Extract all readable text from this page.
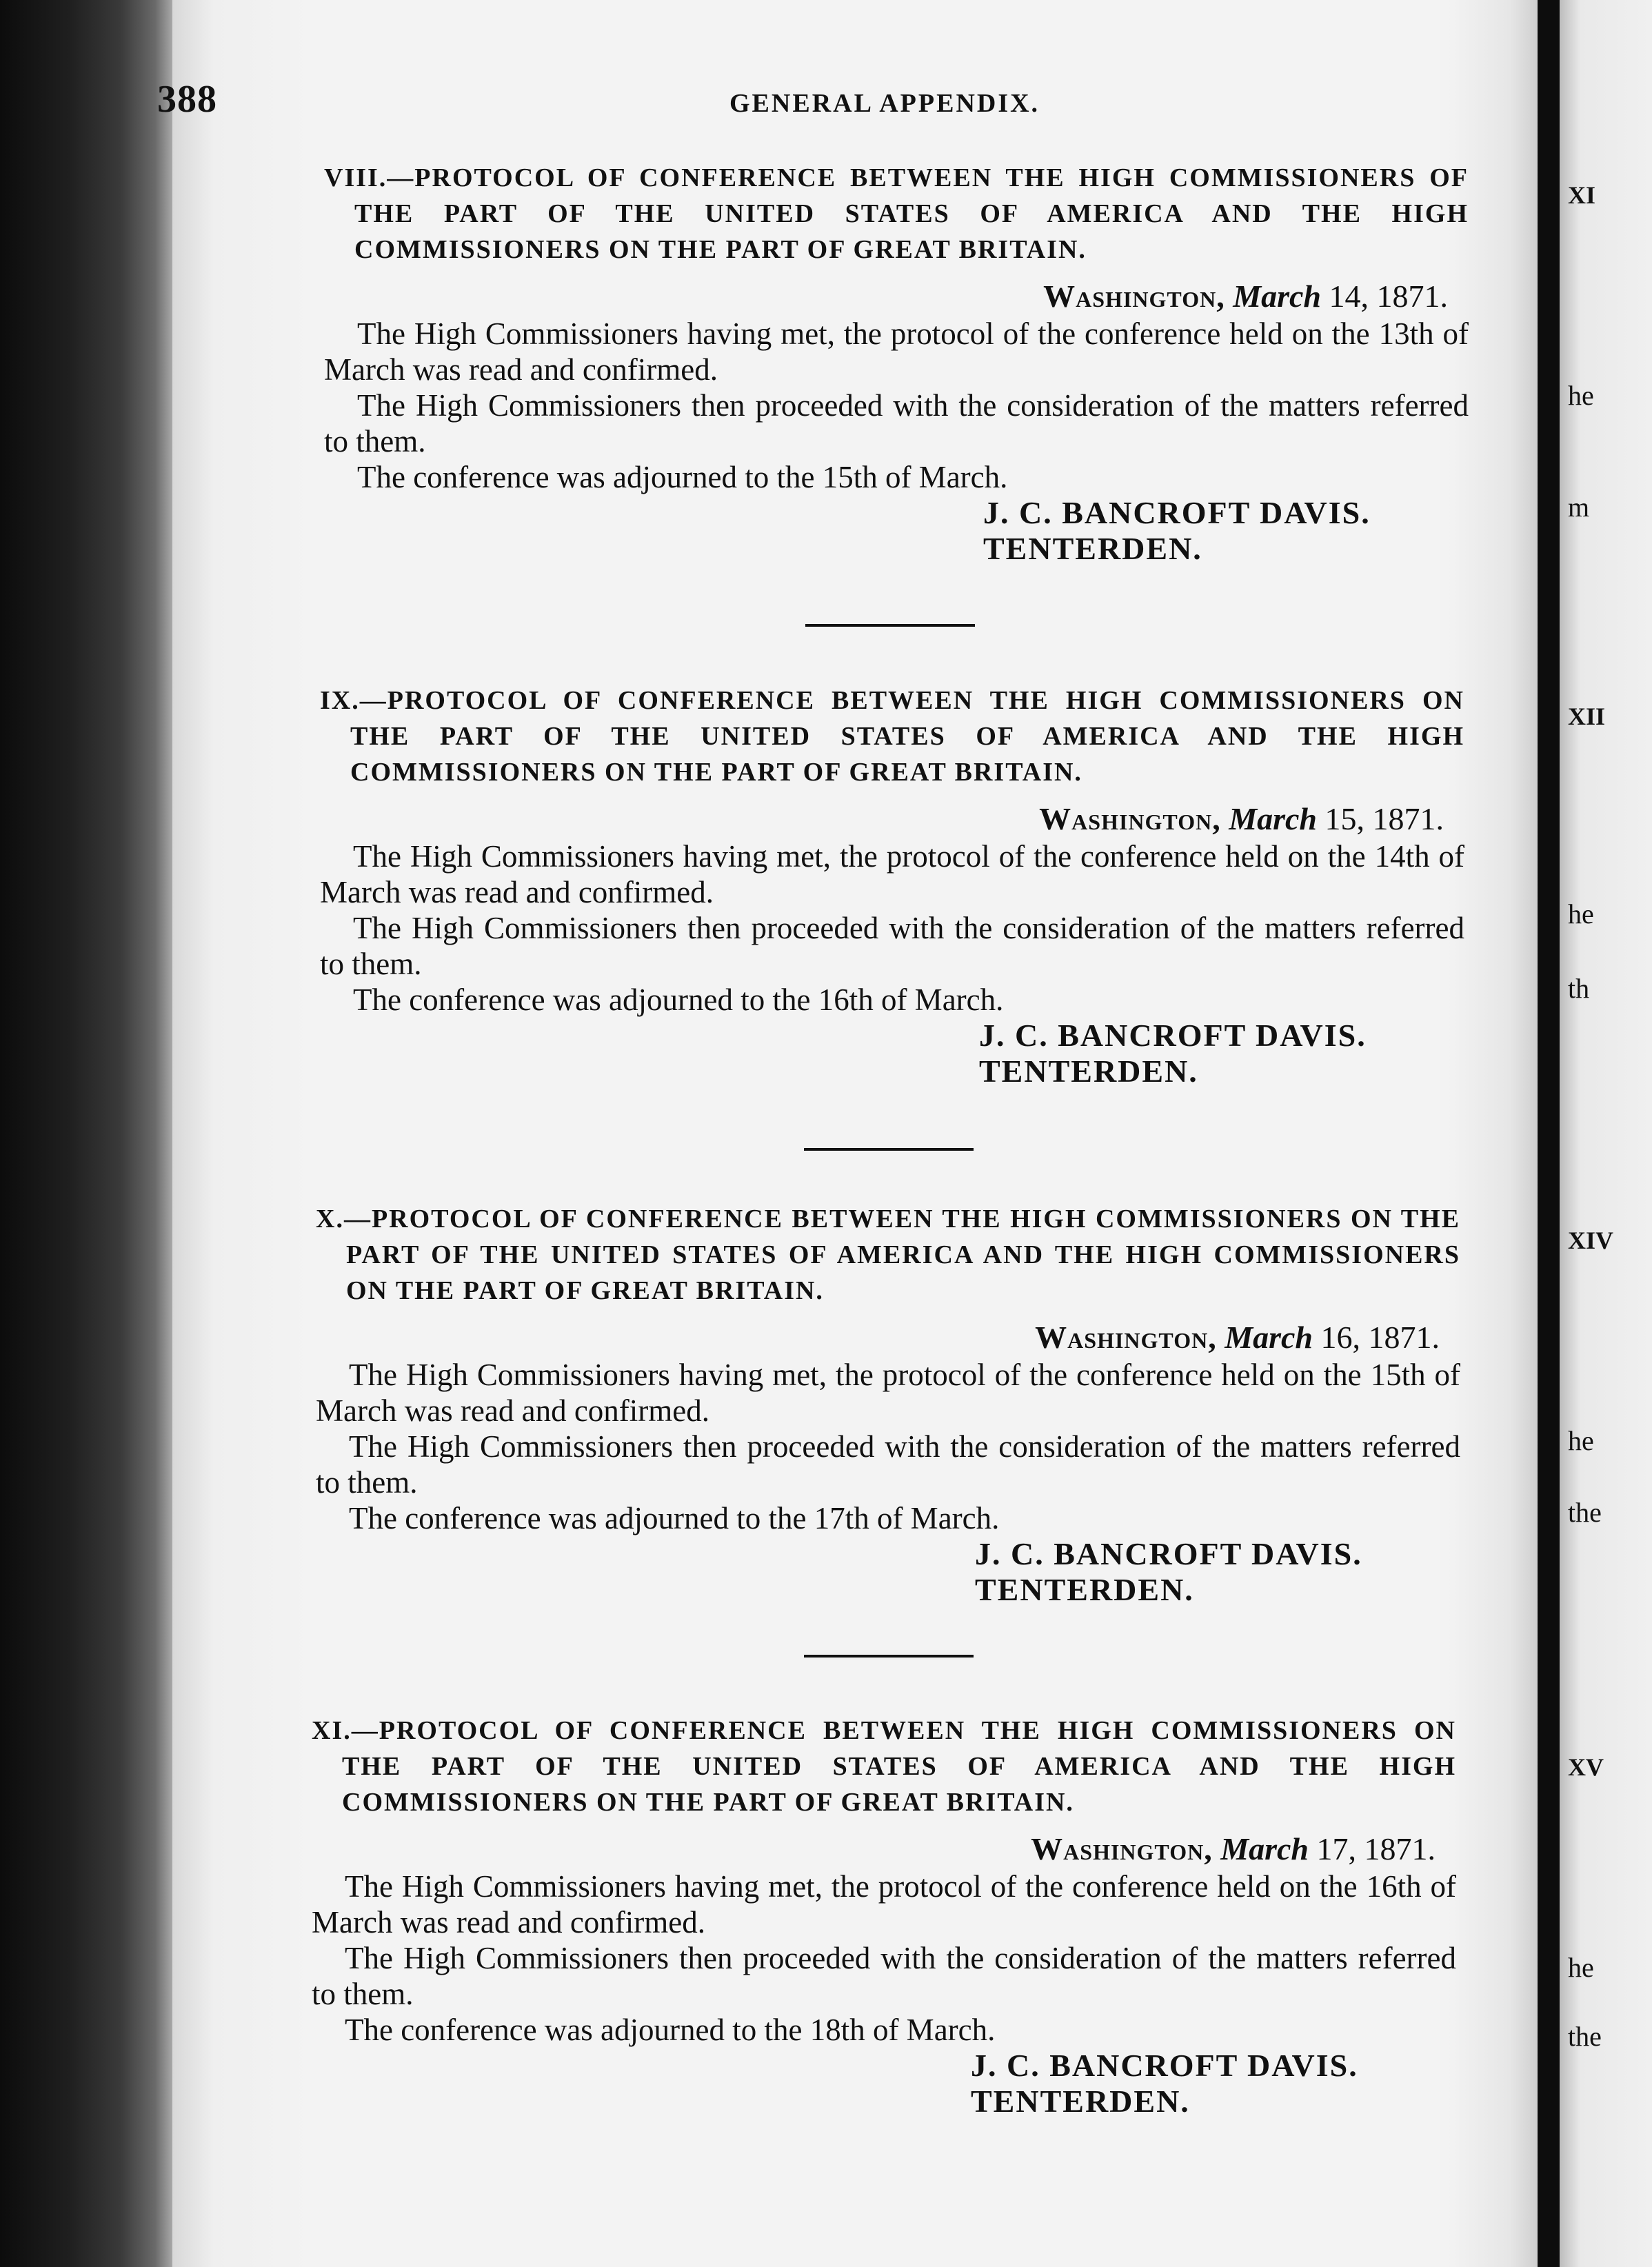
388	GENERAL APPENDIX.
VIII.—PROTOCOL OF CONFERENCE BETWEEN THE HIGH COMMISSIONERS OF THE PART OF THE UNITED STATES OF AMERICA AND THE HIGH COMMISSIONERS ON THE PART OF GREAT BRITAIN.
Washington, March 14, 1871.
The High Commissioners having met, the protocol of the conference held on the 13th of March was read and confirmed.
The High Commissioners then proceeded with the consideration of the matters referred to them.
The conference was adjourned to the 15th of March.
J. C. BANCROFT DAVIS.
TENTERDEN.
IX.—PROTOCOL OF CONFERENCE BETWEEN THE HIGH COMMISSIONERS ON THE PART OF THE UNITED STATES OF AMERICA AND THE HIGH COMMISSIONERS ON THE PART OF GREAT BRITAIN.
Washington, March 15, 1871.
The High Commissioners having met, the protocol of the conference held on the 14th of March was read and confirmed.
The High Commissioners then proceeded with the consideration of the matters referred to them.
The conference was adjourned to the 16th of March.
J. C. BANCROFT DAVIS.
TENTERDEN.
X.—PROTOCOL OF CONFERENCE BETWEEN THE HIGH COMMISSIONERS ON THE PART OF THE UNITED STATES OF AMERICA AND THE HIGH COMMISSIONERS ON THE PART OF GREAT BRITAIN.
Washington, March 16, 1871.
The High Commissioners having met, the protocol of the conference held on the 15th of March was read and confirmed.
The High Commissioners then proceeded with the consideration of the matters referred to them.
The conference was adjourned to the 17th of March.
J. C. BANCROFT DAVIS.
TENTERDEN.
XI.—PROTOCOL OF CONFERENCE BETWEEN THE HIGH COMMISSIONERS ON THE PART OF THE UNITED STATES OF AMERICA AND THE HIGH COMMISSIONERS ON THE PART OF GREAT BRITAIN.
Washington, March 17, 1871.
The High Commissioners having met, the protocol of the conference held on the 16th of March was read and confirmed.
The High Commissioners then proceeded with the consideration of the matters referred to them.
The conference was adjourned to the 18th of March.
J. C. BANCROFT DAVIS.
TENTERDEN.
XI
he
m
XII
he
th
XIV
he
the
XV
he
the
